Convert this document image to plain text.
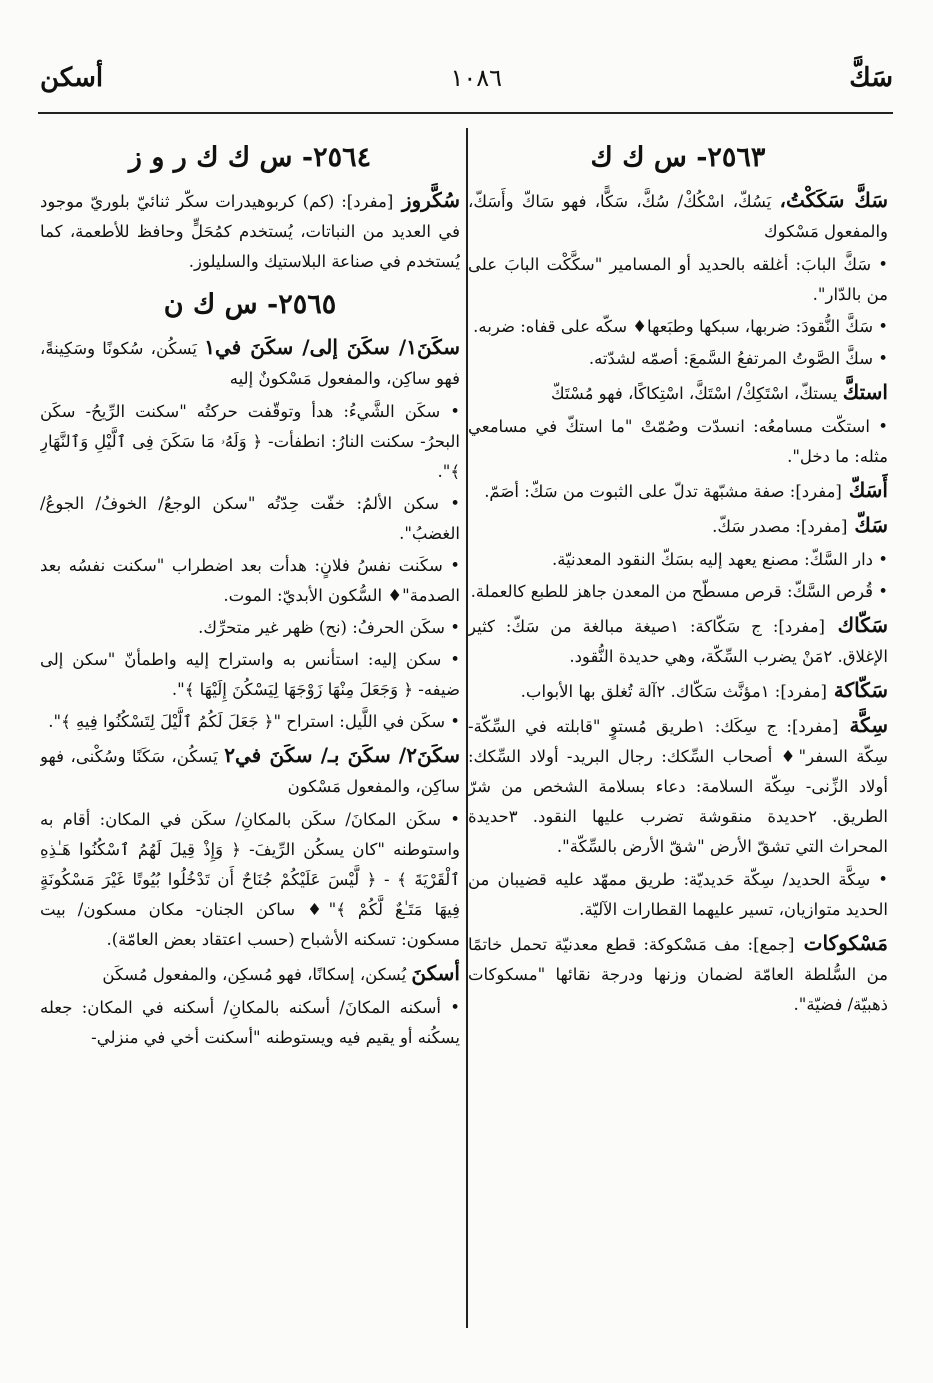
سَكَّ
١٠٨٦
أسكن
٢٥٦٣- س ك ك
سَكَّ سَكَكْتُ، يَسُكّ، اسْكُكْ/ سُكَّ، سَكًّا، فهو سَاكّ وأَسَكّ، والمفعول مَسْكوك
• سَكَّ البابَ: أغلقه بالحديد أو المسامير "سكَّكْت البابَ على من بالدّار".
• سَكَّ النُّقودَ: ضربها، سبكها وطبَعها♦ سكّه على قفاه: ضربه.
• سكَّ الصَّوتُ المرتفعُ السَّمعَ: أصمّه لشدّته.
استكَّ يستكّ، اسْتَكِكْ/ اسْتَكَّ، اسْتِكاكًا، فهو مُسْتَكّ
• استكّت مسامعُه: انسدّت وصُمّتْ "ما استكّ في مسامعي مثله: ما دخل".
أَسَكّ [مفرد]: صفة مشبّهة تدلّ على الثبوت من سَكّ: أصَمّ.
سَكّ [مفرد]: مصدر سَكّ.
• دار السَّكّ: مصنع يعهد إليه بسَكّ النقود المعدنيّة.
• قُرص السَّكّ: قرص مسطّح من المعدن جاهز للطبع كالعملة.
سَكّاك [مفرد]: ج سَكّاكة: ١صيغة مبالغة من سَكّ: كثير الإغلاق. ٢مَنْ يضرب السِّكّة، وهي حديدة النُّقود.
سَكّاكة [مفرد]: ١مؤنَّث سَكّاك. ٢آلة تُغلق بها الأبواب.
سِكَّة [مفرد]: ج سِكَك: ١طريق مُستوٍ "قابلته في السِّكّة- سِكّة السفر"♦ أصحاب السِّكك: رجال البريد- أولاد السِّكك: أولاد الزِّنى- سِكّة السلامة: دعاء بسلامة الشخص من شرّ الطريق. ٢حديدة منقوشة تضرب عليها النقود. ٣حديدة المحراث التي تشقّ الأرض "شقّ الأرض بالسِّكّة".
• سِكَّة الحديد/ سِكّة حَديديّة: طريق ممهّد عليه قضيبان من الحديد متوازيان، تسير عليهما القطارات الآليّة.
مَسْكوكات [جمع]: مف مَسْكوكة: قطع معدنيّة تحمل خاتمًا من السُّلطة العامّة لضمان وزنها ودرجة نقائها "مسكوكات ذهبيّة/ فضيّة".
٢٥٦٤- س ك ك ر و ز
سُكَّروز [مفرد]: (كم) كربوهيدرات سكّر ثنائيّ بلوريّ موجود في العديد من النباتات، يُستخدم كمُحَلٍّ وحافظ للأطعمة، كما يُستخدم في صناعة البلاستيك والسليلوز.
٢٥٦٥- س ك ن
سكَنَ١/ سكَنَ إلى/ سكَنَ في١ يَسكُن، سُكونًا وسَكِينةً، فهو ساكِن، والمفعول مَسْكونٌ إليه
• سكَن الشَّيءُ: هدأ وتوقّفت حركتُه "سكنت الرِّيحُ- سكَن البحرُ- سكنت النارُ: انطفأت- ﴿ وَلَهُۥ مَا سَكَنَ فِى ٱلَّيْلِ وَٱلنَّهَارِ ﴾".
• سكن الألمُ: خفّت حِدّتُه "سكن الوجعُ/ الخوفُ/ الجوعُ/ الغضبُ".
• سكَنت نفسُ فلانٍ: هدأت بعد اضطراب "سكنت نفسُه بعد الصدمة"♦ السُّكون الأبديّ: الموت.
• سكَن الحرفُ: (نح) ظهر غير متحرِّك.
• سكن إليه: استأنس به واستراح إليه واطمأنّ "سكن إلى ضيفه- ﴿ وَجَعَلَ مِنْهَا زَوْجَهَا لِيَسْكُنَ إِلَيْهَا ﴾".
• سكَن في اللَّيل: استراح "﴿ جَعَلَ لَكُمُ ٱلَّيْلَ لِتَسْكُنُوا فِيهِ ﴾".
سكَنَ٢/ سكَنَ بـ/ سكَنَ في٢ يَسكُن، سَكَنًا وسُكْنى، فهو ساكِن، والمفعول مَسْكون
• سكَن المكانَ/ سكَن بالمكانِ/ سكَن في المكان: أقام به واستوطنه "كان يسكُن الرِّيفَ- ﴿ وَإِذْ قِيلَ لَهُمُ ٱسْكُنُوا هَـٰذِهِ ٱلْقَرْيَةَ ﴾ - ﴿ لَّيْسَ عَلَيْكُمْ جُنَاحٌ أَن تَدْخُلُوا بُيُوتًا غَيْرَ مَسْكُونَةٍ فِيهَا مَتَـٰعٌ لَّكُمْ ﴾"♦ ساكن الجنان- مكان مسكون/ بيت مسكون: تسكنه الأشباح (حسب اعتقاد بعض العامّة).
أسكنَ يُسكن، إسكانًا، فهو مُسكِن، والمفعول مُسكَن
• أسكنه المكانَ/ أسكنه بالمكانِ/ أسكنه في المكان: جعله يسكُنه أو يقيم فيه ويستوطنه "أسكنت أخي في منزلي-
